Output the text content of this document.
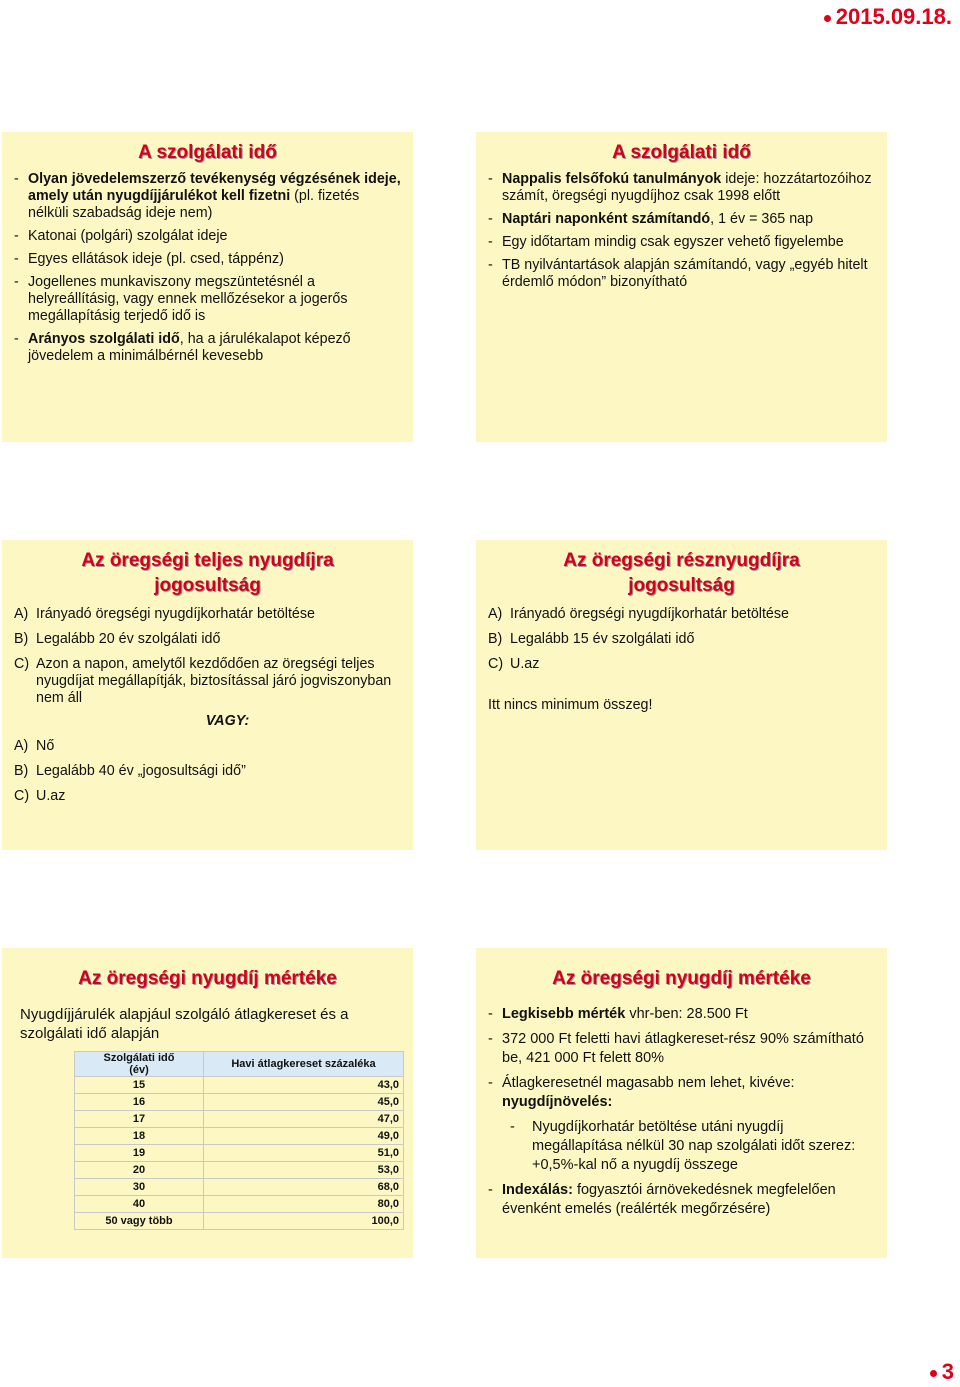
2015.09.18.
A szolgálati idő
- Olyan jövedelemszerző tevékenység végzésének ideje, amely után nyugdíjjárulékot kell fizetni (pl. fizetés nélküli szabadság ideje nem)
- Katonai (polgári) szolgálat ideje
- Egyes ellátások ideje (pl. csed, táppénz)
- Jogellenes munkaviszony megszüntetésnél a helyreállításig, vagy ennek mellőzésekor a jogerős megállapításig terjedő idő is
- Arányos szolgálati idő, ha a járulékalapot képező jövedelem a minimálbérnél kevesebb
A szolgálati idő
- Nappalis felsőfokú tanulmányok ideje: hozzátartozóihoz számít, öregségi nyugdíjhoz csak 1998 előtt
- Naptári naponként számítandó, 1 év = 365 nap
- Egy időtartam mindig csak egyszer vehető figyelembe
- TB nyilvántartások alapján számítandó, vagy „egyéb hitelt érdemlő módon” bizonyítható
Az öregségi teljes nyugdíjra
jogosultság
A) Irányadó öregségi nyugdíjkorhatár betöltése
B) Legalább 20 év szolgálati idő
C) Azon a napon, amelytől kezdődően az öregségi teljes nyugdíjat megállapítják, biztosítással járó jogviszonyban nem áll
VAGY:
A) Nő
B) Legalább 40 év „jogosultsági idő”
C) U.az
Az öregségi résznyugdíjra
jogosultság
A) Irányadó öregségi nyugdíjkorhatár betöltése
B) Legalább 15 év szolgálati idő
C) U.az
Itt nincs minimum összeg!
Az öregségi nyugdíj mértéke
Nyugdíjjárulék alapjául szolgáló átlagkereset és a szolgálati idő alapján
Szolgálati idő
(év)	Havi átlagkereset százaléka
15	43,0
16	45,0
17	47,0
18	49,0
19	51,0
20	53,0
30	68,0
40	80,0
50 vagy több	100,0
Az öregségi nyugdíj mértéke
- Legkisebb mérték vhr-ben: 28.500 Ft
- 372 000 Ft feletti havi átlagkereset-rész 90% számítható be, 421 000 Ft felett 80%
- Átlagkeresetnél magasabb nem lehet, kivéve: nyugdíjnövelés:
-	Nyugdíjkorhatár betöltése utáni nyugdíj megállapítása nélkül 30 nap szolgálati időt szerez: +0,5%-kal nő a nyugdíj összege
- Indexálás: fogyasztói árnövekedésnek megfelelően évenként emelés (reálérték megőrzésére)
3
